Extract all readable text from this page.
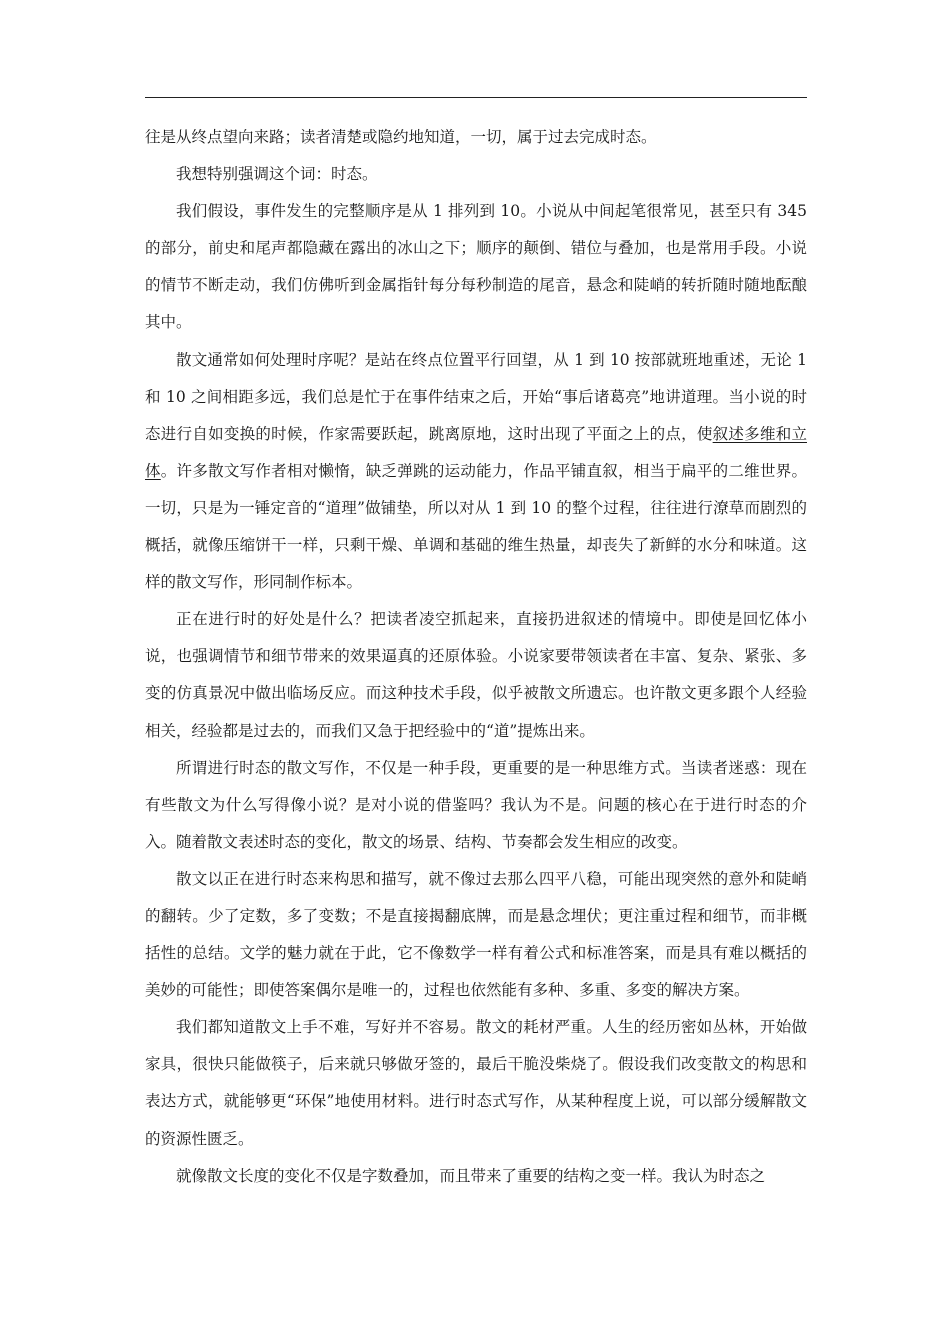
往是从终点望向来路；读者清楚或隐约地知道，一切，属于过去完成时态。

我想特别强调这个词：时态。

我们假设，事件发生的完整顺序是从 1 排列到 10。小说从中间起笔很常见，甚至只有 345 的部分，前史和尾声都隐藏在露出的冰山之下；顺序的颠倒、错位与叠加，也是常用手段。小说的情节不断走动，我们仿佛听到金属指针每分每秒制造的尾音，悬念和陡峭的转折随时随地酝酿其中。

散文通常如何处理时序呢？是站在终点位置平行回望，从 1 到 10 按部就班地重述，无论 1 和 10 之间相距多远，我们总是忙于在事件结束之后，开始“事后诸葛亮”地讲道理。当小说的时态进行自如变换的时候，作家需要跃起，跳离原地，这时出现了平面之上的点，使叙述多维和立体。许多散文写作者相对懒惰，缺乏弹跳的运动能力，作品平铺直叙，相当于扁平的二维世界。一切，只是为一锤定音的“道理”做铺垫，所以对从 1 到 10 的整个过程，往往进行潦草而剧烈的概括，就像压缩饼干一样，只剩干燥、单调和基础的维生热量，却丧失了新鲜的水分和味道。这样的散文写作，形同制作标本。

正在进行时的好处是什么？把读者凌空抓起来，直接扔进叙述的情境中。即使是回忆体小说，也强调情节和细节带来的效果逼真的还原体验。小说家要带领读者在丰富、复杂、紧张、多变的仿真景况中做出临场反应。而这种技术手段，似乎被散文所遗忘。也许散文更多跟个人经验相关，经验都是过去的，而我们又急于把经验中的“道”提炼出来。

所谓进行时态的散文写作，不仅是一种手段，更重要的是一种思维方式。当读者迷惑：现在有些散文为什么写得像小说？是对小说的借鉴吗？我认为不是。问题的核心在于进行时态的介入。随着散文表述时态的变化，散文的场景、结构、节奏都会发生相应的改变。

散文以正在进行时态来构思和描写，就不像过去那么四平八稳，可能出现突然的意外和陡峭的翻转。少了定数，多了变数；不是直接揭翻底牌，而是悬念埋伏；更注重过程和细节，而非概括性的总结。文学的魅力就在于此，它不像数学一样有着公式和标准答案，而是具有难以概括的美妙的可能性；即使答案偶尔是唯一的，过程也依然能有多种、多重、多变的解决方案。

我们都知道散文上手不难，写好并不容易。散文的耗材严重。人生的经历密如丛林，开始做家具，很快只能做筷子，后来就只够做牙签的，最后干脆没柴烧了。假设我们改变散文的构思和表达方式，就能够更“环保”地使用材料。进行时态式写作，从某种程度上说，可以部分缓解散文的资源性匮乏。

就像散文长度的变化不仅是字数叠加，而且带来了重要的结构之变一样。我认为时态之
